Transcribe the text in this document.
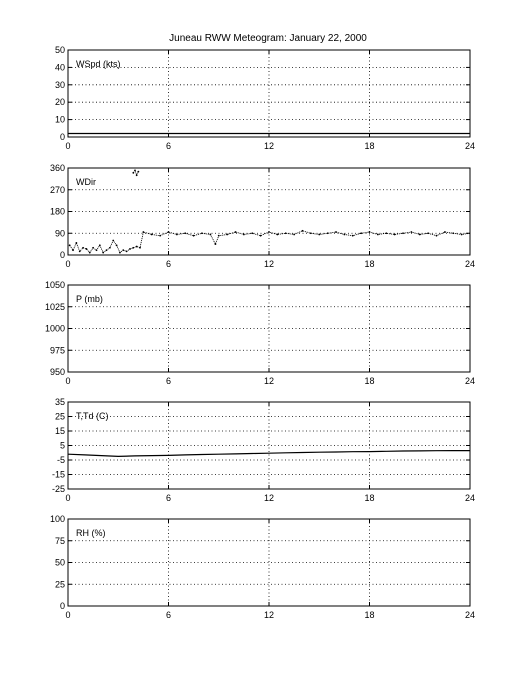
Juneau RWW Meteogram: January 22, 2000
0	6	12	18	24
0
10
20
30
40
50
WSpd (kts)
0	6	12	18	24
0
90
180
270
360
WDir
0	6	12	18	24
950
975
1000
1025
1050
P (mb)
0	6	12	18	24
-25
-15
-5
5
15
25
35
T,Td (C)
0	6	12	18	24
0
25
50
75
100
RH (%)
